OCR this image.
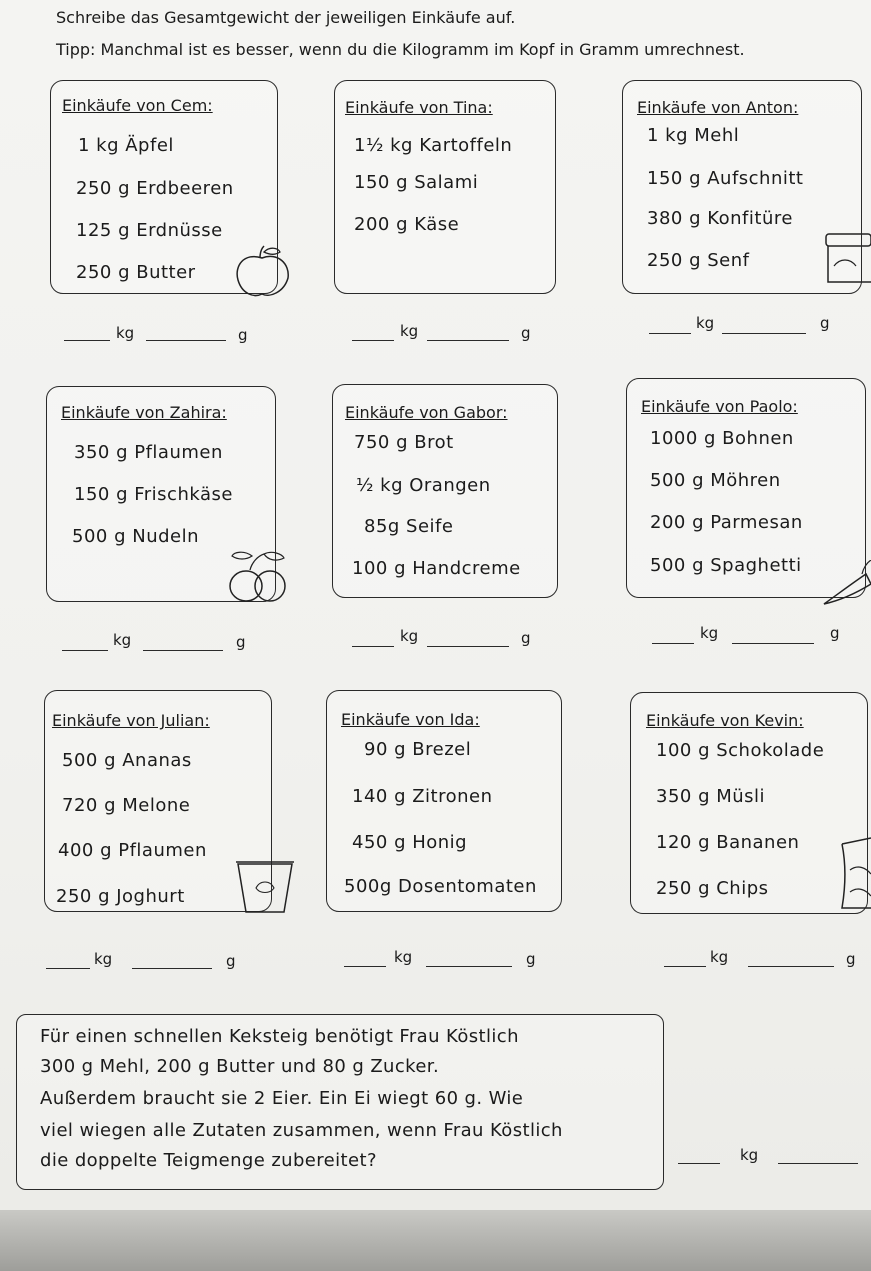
Schreibe das Gesamtgewicht der jeweiligen Einkäufe auf.
Tipp: Manchmal ist es besser, wenn du die Kilogramm im Kopf in Gramm umrechnest.
Einkäufe von Cem:
1 kg Äpfel
250 g Erdbeeren
125 g Erdnüsse
250 g Butter
Einkäufe von Tina:
1½ kg Kartoffeln
150 g Salami
200 g Käse
Einkäufe von Anton:
1 kg Mehl
150 g Aufschnitt
380 g Konfitüre
250 g Senf
kg	g	kg	g
kg	g
Einkäufe von Zahira:
350 g Pflaumen
150 g Frischkäse
500 g Nudeln
Einkäufe von Gabor:
750 g Brot
½ kg Orangen
85g Seife
100 g Handcreme
Einkäufe von Paolo:
1000 g Bohnen
500 g Möhren
200 g Parmesan
500 g Spaghetti
kg	g	kg	g	kg	g
Einkäufe von Julian:
500 g Ananas
720 g Melone
400 g Pflaumen
250 g Joghurt
Einkäufe von Ida:
90 g Brezel
140 g Zitronen
450 g Honig
500g Dosentomaten
Einkäufe von Kevin:
100 g Schokolade
350 g Müsli
120 g Bananen
250 g Chips
kg	g	kg	g	kg	g
Für einen schnellen Keksteig benötigt Frau Köstlich
300 g Mehl, 200 g Butter und 80 g Zucker.
Außerdem braucht sie 2 Eier. Ein Ei wiegt 60 g. Wie
viel wiegen alle Zutaten zusammen, wenn Frau Köstlich
die doppelte Teigmenge zubereitet?	kg
